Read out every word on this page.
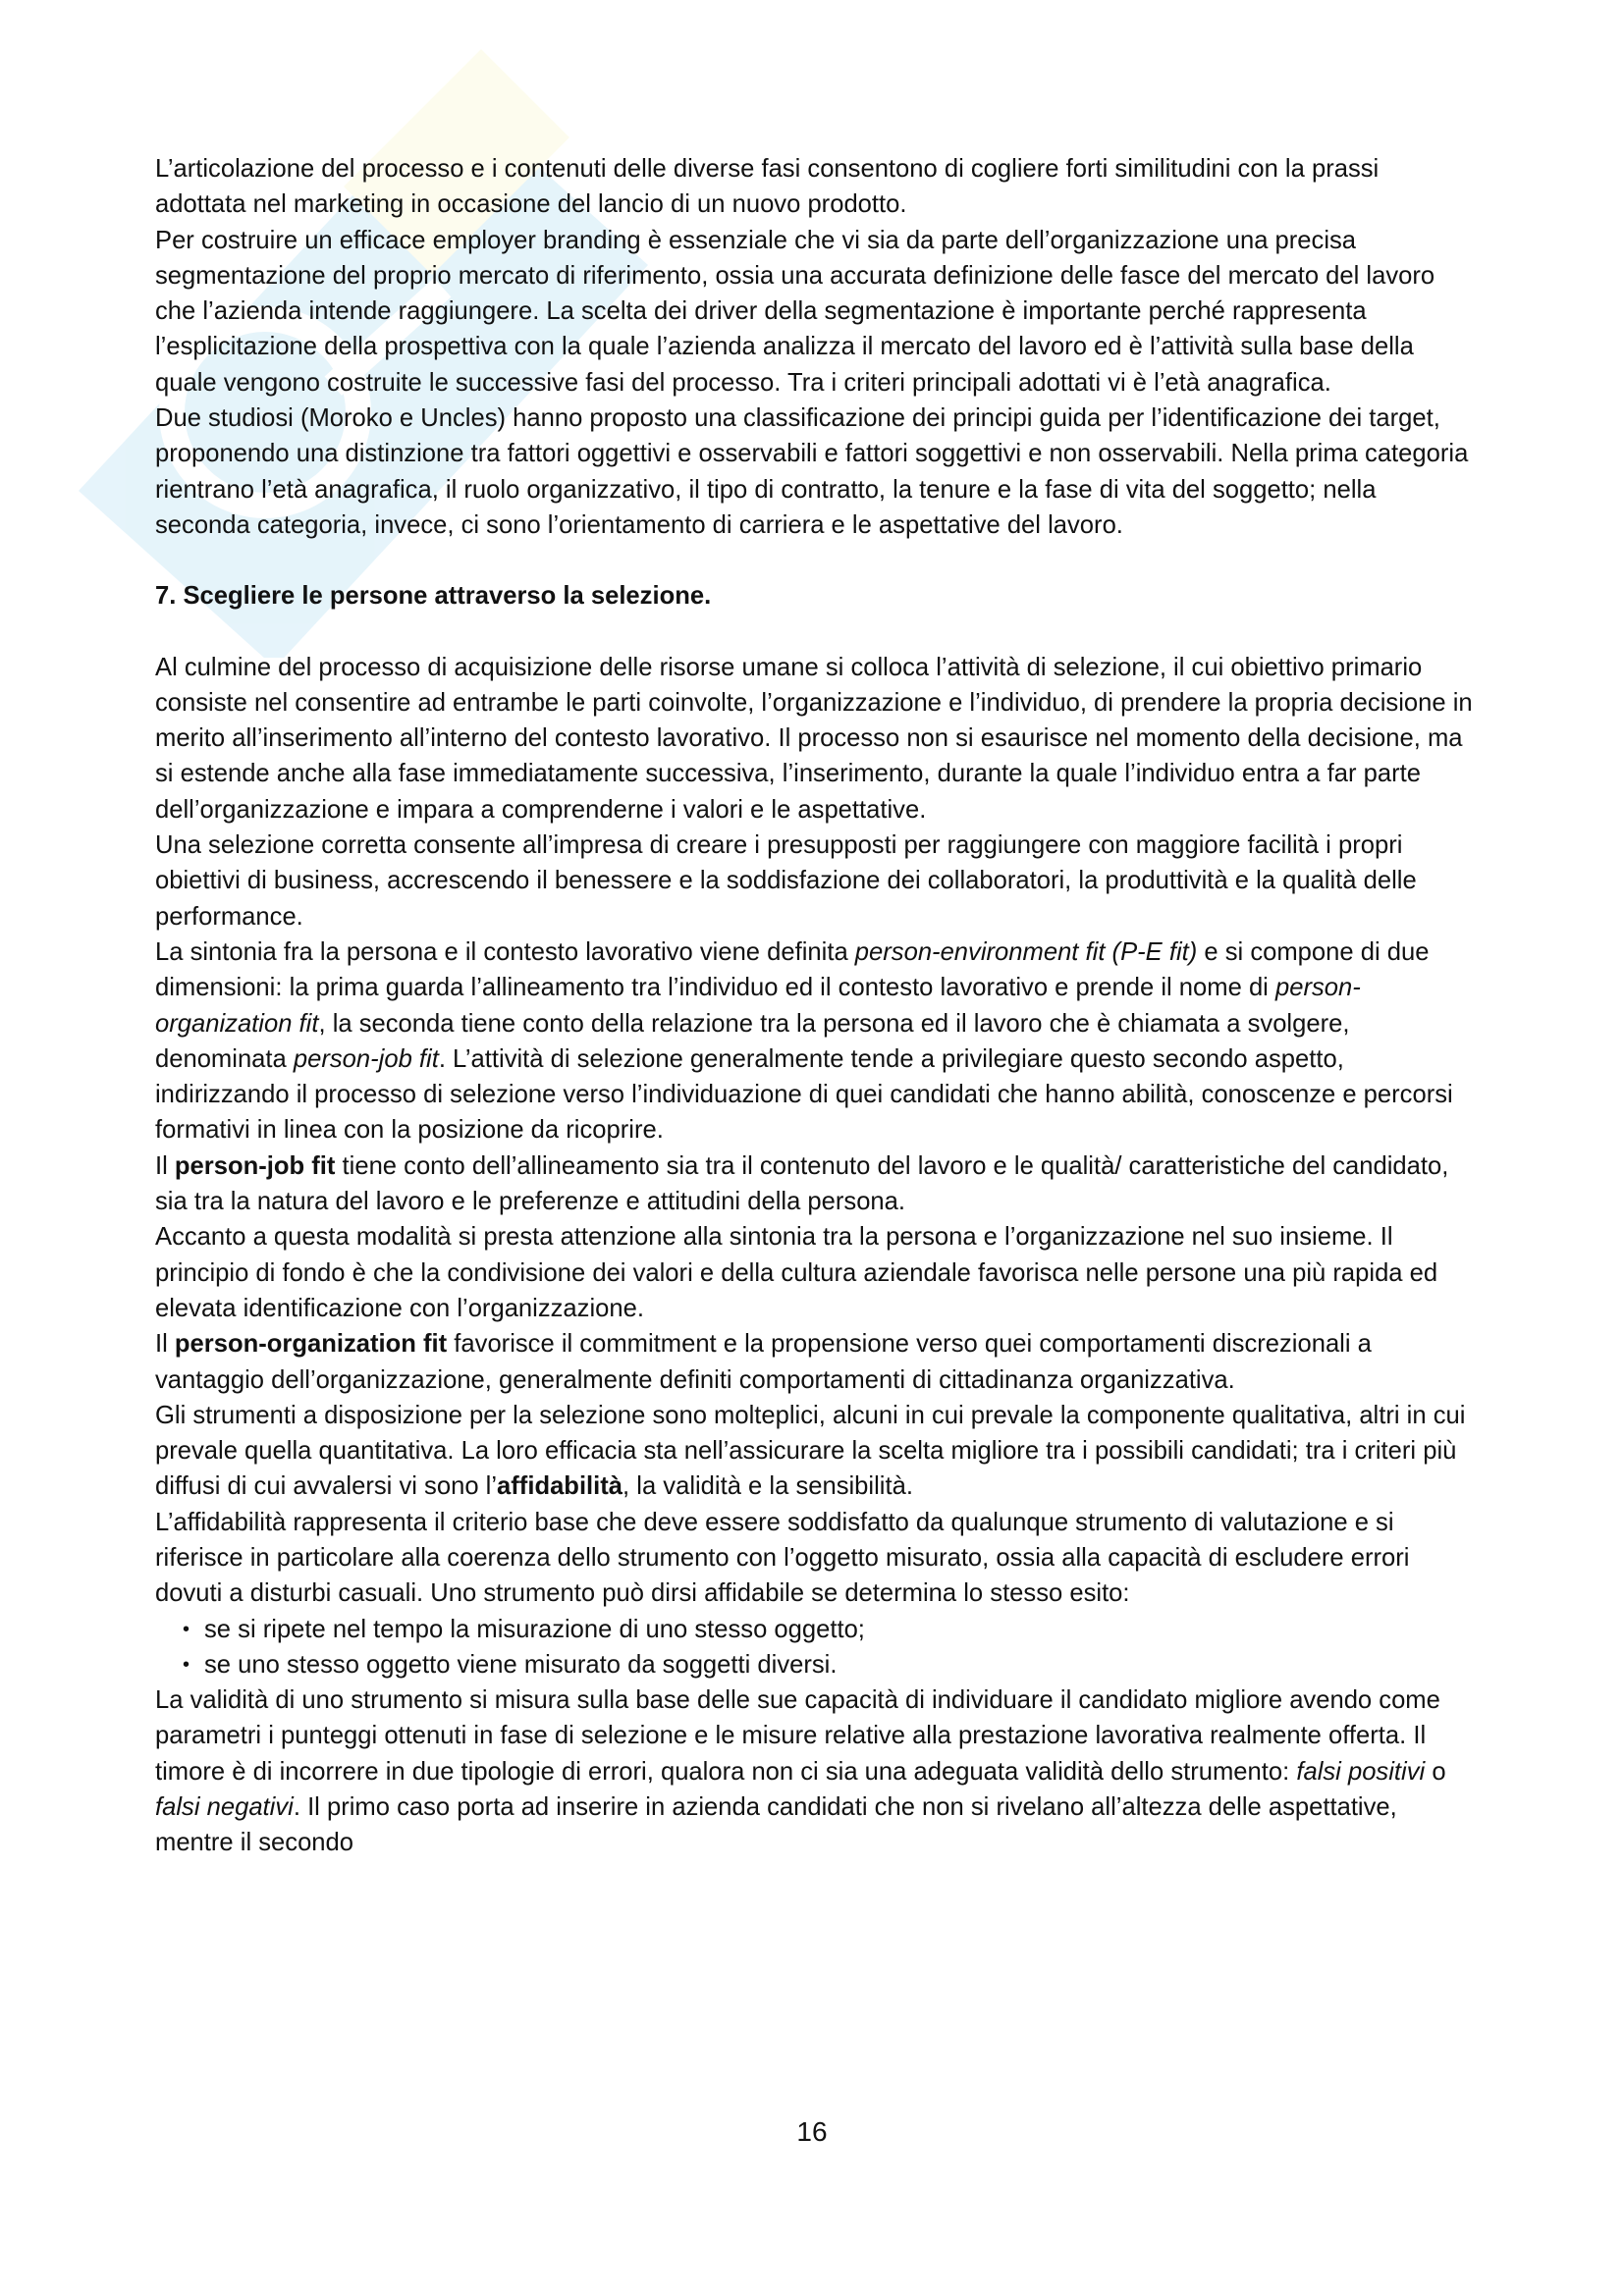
L’articolazione del processo e i contenuti delle diverse fasi consentono di cogliere forti similitudini con la prassi adottata nel marketing in occasione del lancio di un nuovo prodotto.

Per costruire un efficace employer branding è essenziale che vi sia da parte dell’organizzazione una precisa segmentazione del proprio mercato di riferimento, ossia una accurata definizione delle fasce del mercato del lavoro che l’azienda intende raggiungere. La scelta dei driver della segmentazione è importante perché rappresenta l’esplicitazione della prospettiva con la quale l’azienda analizza il mercato del lavoro ed è l’attività sulla base della quale vengono costruite le successive fasi del processo. Tra i criteri principali adottati vi è l’età anagrafica.

Due studiosi (Moroko e Uncles) hanno proposto una classificazione dei principi guida per l’identificazione dei target, proponendo una distinzione tra fattori oggettivi e osservabili e fattori soggettivi e non osservabili. Nella prima categoria rientrano l’età anagrafica, il ruolo organizzativo, il tipo di contratto, la tenure e la fase di vita del soggetto; nella seconda categoria, invece, ci sono l’orientamento di carriera e le aspettative del lavoro.

7. Scegliere le persone attraverso la selezione.

Al culmine del processo di acquisizione delle risorse umane si colloca l’attività di selezione, il cui obiettivo primario consiste nel consentire ad entrambe le parti coinvolte, l’organizzazione e l’individuo, di prendere la propria decisione in merito all’inserimento all’interno del contesto lavorativo. Il processo non si esaurisce nel momento della decisione, ma si estende anche alla fase immediatamente successiva, l’inserimento, durante la quale l’individuo entra a far parte dell’organizzazione e impara a comprenderne i valori e le aspettative.

Una selezione corretta consente all’impresa di creare i presupposti per raggiungere con maggiore facilità i propri obiettivi di business, accrescendo il benessere e la soddisfazione dei collaboratori, la produttività e la qualità delle performance.

La sintonia fra la persona e il contesto lavorativo viene definita person-environment fit (P-E fit) e si compone di due dimensioni: la prima guarda l’allineamento tra l’individuo ed il contesto lavorativo e prende il nome di person-organization fit, la seconda tiene conto della relazione tra la persona ed il lavoro che è chiamata a svolgere, denominata person-job fit. L’attività di selezione generalmente tende a privilegiare questo secondo aspetto, indirizzando il processo di selezione verso l’individuazione di quei candidati che hanno abilità, conoscenze e percorsi formativi in linea con la posizione da ricoprire.

Il person-job fit tiene conto dell’allineamento sia tra il contenuto del lavoro e le qualità/ caratteristiche del candidato, sia tra la natura del lavoro e le preferenze e attitudini della persona.

Accanto a questa modalità si presta attenzione alla sintonia tra la persona e l’organizzazione nel suo insieme. Il principio di fondo è che la condivisione dei valori e della cultura aziendale favorisca nelle persone una più rapida ed elevata identificazione con l’organizzazione.

Il person-organization fit favorisce il commitment e la propensione verso quei comportamenti discrezionali a vantaggio dell’organizzazione, generalmente definiti comportamenti di cittadinanza organizzativa.

Gli strumenti a disposizione per la selezione sono molteplici, alcuni in cui prevale la componente qualitativa, altri in cui prevale quella quantitativa. La loro efficacia sta nell’assicurare la scelta migliore tra i possibili candidati; tra i criteri più diffusi di cui avvalersi vi sono l’affidabilità, la validità e la sensibilità.

L’affidabilità rappresenta il criterio base che deve essere soddisfatto da qualunque strumento di valutazione e si riferisce in particolare alla coerenza dello strumento con l’oggetto misurato, ossia alla capacità di escludere errori dovuti a disturbi casuali. Uno strumento può dirsi affidabile se determina lo stesso esito:

• se si ripete nel tempo la misurazione di uno stesso oggetto;
• se uno stesso oggetto viene misurato da soggetti diversi.

La validità di uno strumento si misura sulla base delle sue capacità di individuare il candidato migliore avendo come parametri i punteggi ottenuti in fase di selezione e le misure relative alla prestazione lavorativa realmente offerta. Il timore è di incorrere in due tipologie di errori, qualora non ci sia una adeguata validità dello strumento: falsi positivi o falsi negativi. Il primo caso porta ad inserire in azienda candidati che non si rivelano all’altezza delle aspettative, mentre il secondo

16
